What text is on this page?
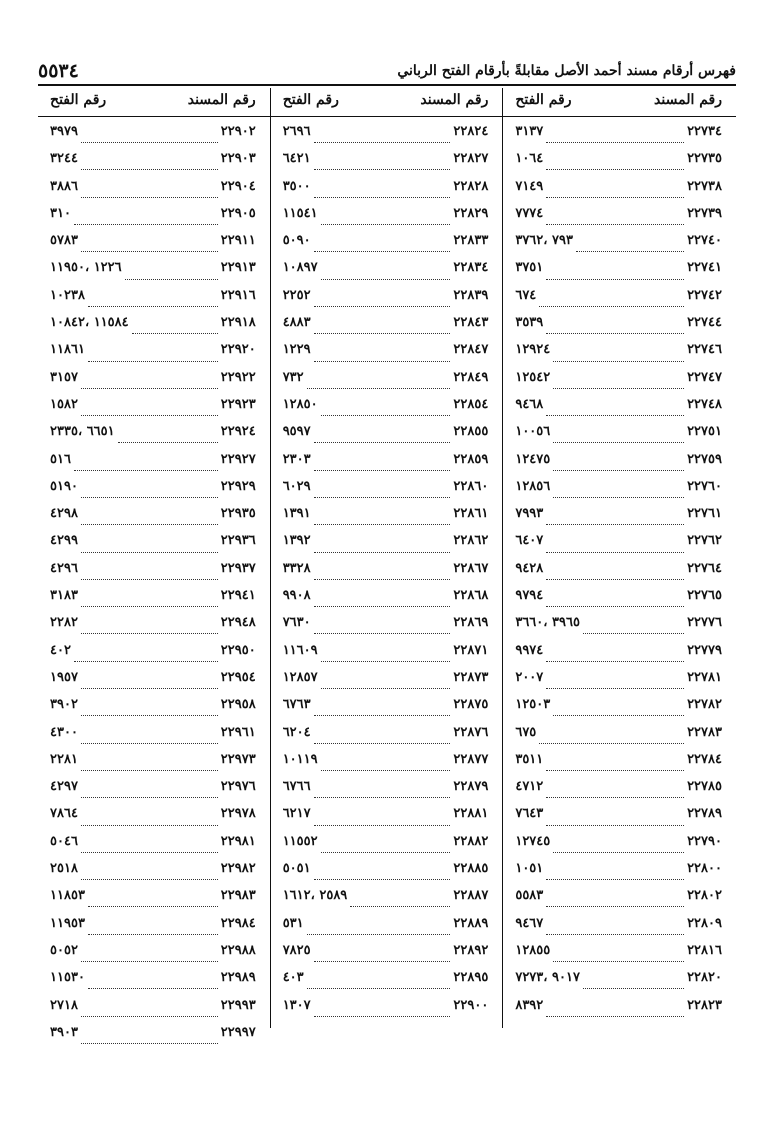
فهرس أرقام مسند أحمد الأصل مقابلةً بأرقام الفتح الرباني
٥٥٣٤
رقم المسند
رقم الفتح
٢٢٧٣٤
٣١٣٧
٢٢٧٣٥
١٠٦٤
٢٢٧٣٨
٧١٤٩
٢٢٧٣٩
٧٧٧٤
٢٢٧٤٠
٧٩٣ ،٣٧٦٢
٢٢٧٤١
٣٧٥١
٢٢٧٤٢
٦٧٤
٢٢٧٤٤
٣٥٣٩
٢٢٧٤٦
١٢٩٢٤
٢٢٧٤٧
١٢٥٤٢
٢٢٧٤٨
٩٤٦٨
٢٢٧٥١
١٠٠٥٦
٢٢٧٥٩
١٢٤٧٥
٢٢٧٦٠
١٢٨٥٦
٢٢٧٦١
٧٩٩٣
٢٢٧٦٢
٦٤٠٧
٢٢٧٦٤
٩٤٢٨
٢٢٧٦٥
٩٧٩٤
٢٢٧٧٦
٣٩٦٥ ،٣٦٦٠
٢٢٧٧٩
٩٩٧٤
٢٢٧٨١
٢٠٠٧
٢٢٧٨٢
١٢٥٠٣
٢٢٧٨٣
٦٧٥
٢٢٧٨٤
٣٥١١
٢٢٧٨٥
٤٧١٢
٢٢٧٨٩
٧٦٤٣
٢٢٧٩٠
١٢٧٤٥
٢٢٨٠٠
١٠٥١
٢٢٨٠٢
٥٥٨٣
٢٢٨٠٩
٩٤٦٧
٢٢٨١٦
١٢٨٥٥
٢٢٨٢٠
٩٠١٧ ،٧٢٧٣
٢٢٨٢٣
٨٣٩٢
رقم المسند
رقم الفتح
٢٢٨٢٤
٢٦٩٦
٢٢٨٢٧
٦٤٢١
٢٢٨٢٨
٣٥٠٠
٢٢٨٢٩
١١٥٤١
٢٢٨٣٣
٥٠٩٠
٢٢٨٣٤
١٠٨٩٧
٢٢٨٣٩
٢٢٥٢
٢٢٨٤٣
٤٨٨٣
٢٢٨٤٧
١٢٢٩
٢٢٨٤٩
٧٣٢
٢٢٨٥٤
١٢٨٥٠
٢٢٨٥٥
٩٥٩٧
٢٢٨٥٩
٢٣٠٣
٢٢٨٦٠
٦٠٢٩
٢٢٨٦١
١٣٩١
٢٢٨٦٢
١٣٩٢
٢٢٨٦٧
٣٣٢٨
٢٢٨٦٨
٩٩٠٨
٢٢٨٦٩
٧٦٣٠
٢٢٨٧١
١١٦٠٩
٢٢٨٧٣
١٢٨٥٧
٢٢٨٧٥
٦٧٦٣
٢٢٨٧٦
٦٢٠٤
٢٢٨٧٧
١٠١١٩
٢٢٨٧٩
٦٧٦٦
٢٢٨٨١
٦٢١٧
٢٢٨٨٢
١١٥٥٢
٢٢٨٨٥
٥٠٥١
٢٢٨٨٧
٢٥٨٩ ،١٦١٢
٢٢٨٨٩
٥٣١
٢٢٨٩٢
٧٨٢٥
٢٢٨٩٥
٤٠٣
٢٢٩٠٠
١٣٠٧
رقم المسند
رقم الفتح
٢٢٩٠٢
٣٩٧٩
٢٢٩٠٣
٣٢٤٤
٢٢٩٠٤
٣٨٨٦
٢٢٩٠٥
٣١٠
٢٢٩١١
٥٧٨٣
٢٢٩١٣
١٢٢٦ ،١١٩٥٠
٢٢٩١٦
١٠٢٣٨
٢٢٩١٨
١١٥٨٤ ،١٠٨٤٢
٢٢٩٢٠
١١٨٦١
٢٢٩٢٢
٣١٥٧
٢٢٩٢٣
١٥٨٢
٢٢٩٢٤
٦٦٥١ ،٢٣٣٥
٢٢٩٢٧
٥١٦
٢٢٩٢٩
٥١٩٠
٢٢٩٣٥
٤٢٩٨
٢٢٩٣٦
٤٢٩٩
٢٢٩٣٧
٤٢٩٦
٢٢٩٤١
٣١٨٣
٢٢٩٤٨
٢٢٨٢
٢٢٩٥٠
٤٠٢
٢٢٩٥٤
١٩٥٧
٢٢٩٥٨
٣٩٠٢
٢٢٩٦١
٤٣٠٠
٢٢٩٧٣
٢٢٨١
٢٢٩٧٦
٤٢٩٧
٢٢٩٧٨
٧٨٦٤
٢٢٩٨١
٥٠٤٦
٢٢٩٨٢
٢٥١٨
٢٢٩٨٣
١١٨٥٣
٢٢٩٨٤
١١٩٥٣
٢٢٩٨٨
٥٠٥٢
٢٢٩٨٩
١١٥٣٠
٢٢٩٩٣
٢٧١٨
٢٢٩٩٧
٣٩٠٣
